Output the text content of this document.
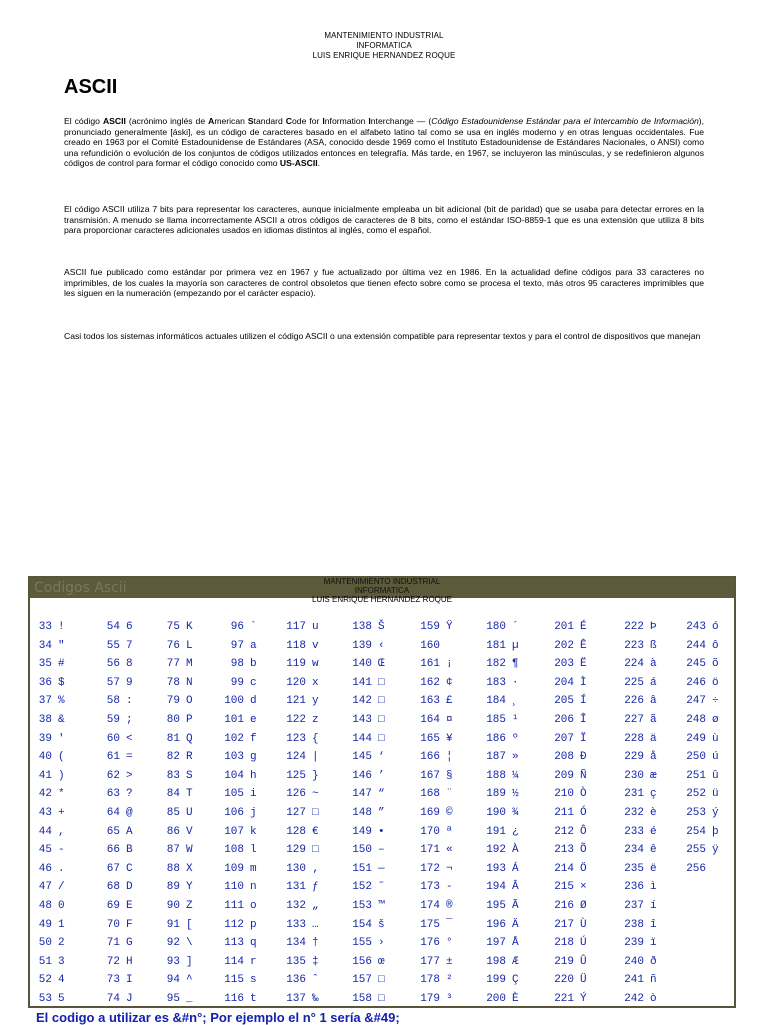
MANTENIMIENTO INDUSTRIAL
INFORMATICA
LUIS ENRIQUE HERNANDEZ ROQUE
ASCII

El código ASCII (acrónimo inglés de American Standard Code for Information Interchange — (Código Estadounidense Estándar para el Intercambio de Información), pronunciado generalmente [áski], es un código de caracteres basado en el alfabeto latino tal como se usa en inglés moderno y en otras lenguas occidentales. Fue creado en 1963 por el Comité Estadounidense de Estándares (ASA, conocido desde 1969 como el Instituto Estadounidense de Estándares Nacionales, o ANSI) como una refundición o evolución de los conjuntos de códigos utilizados entonces en telegrafía. Más tarde, en 1967, se incluyeron las minúsculas, y se redefinieron algunos códigos de control para formar el código conocido como US-ASCII.

El código ASCII utiliza 7 bits para representar los caracteres, aunque inicialmente empleaba un bit adicional (bit de paridad) que se usaba para detectar errores en la transmisión. A menudo se llama incorrectamente ASCII a otros códigos de caracteres de 8 bits, como el estándar ISO-8859-1 que es una extensión que utiliza 8 bits para proporcionar caracteres adicionales usados en idiomas distintos al inglés, como el español.

ASCII fue publicado como estándar por primera vez en 1967 y fue actualizado por última vez en 1986. En la actualidad define códigos para 33 caracteres no imprimibles, de los cuales la mayoría son caracteres de control obsoletos que tienen efecto sobre como se procesa el texto, más otros 95 caracteres imprimibles que les siguen en la numeración (empezando por el carácter espacio).

Casi todos los sistemas informáticos actuales utilizen el código ASCII o una extensión compatible para representar textos y para el control de dispositivos que manejan

Codigos Ascii	MANTENIMIENTO INDUSTRIAL
INFORMATICA
LUIS ENRIQUE HERNANDEZ ROQUE
33 !
34 "
35 #
36 $
37 %
38 &
39 '
40 (
41 )
42 *
43 +
44 ,
45 -
46 .
47 /
48 0
49 1
50 2
51 3
52 4
53 5
54 6
55 7
56 8
57 9
58 :
59 ;
60 <
61 =
62 >
63 ?
64 @
65 A
66 B
67 C
68 D
69 E
70 F
71 G
72 H
73 I
74 J
75 K
76 L
77 M
78 N
79 O
80 P
81 Q
82 R
83 S
84 T
85 U
86 V
87 W
88 X
89 Y
90 Z
91 [
92 \
93 ]
94 ^
95 _
96 `
97 a
98 b
99 c
100 d
101 e
102 f
103 g
104 h
105 i
106 j
107 k
108 l
109 m
110 n
111 o
112 p
113 q
114 r
115 s
116 t
117 u
118 v
119 w
120 x
121 y
122 z
123 {
124 |
125 }
126 ~
127 □
128 €
129 □
130 ‚
131 ƒ
132 „
133 …
134 †
135 ‡
136 ˆ
137 ‰
138 Š
139 ‹
140 Œ
141 □
142 □
143 □
144 □
145 ‘
146 ’
147 “
148 ”
149 •
150 –
151 —
152 ˜
153 ™
154 š
155 ›
156 œ
157 □
158 □
159 Ÿ
160
161 ¡
162 ¢
163 £
164 ¤
165 ¥
166 ¦
167 §
168 ¨
169 ©
170 ª
171 «
172 ¬
173 -
174 ®
175 ¯
176 °
177 ±
178 ²
179 ³
180 ´
181 µ
182 ¶
183 ·
184 ¸
185 ¹
186 º
187 »
188 ¼
189 ½
190 ¾
191 ¿
192 À
193 Á
194 Â
195 Ã
196 Ä
197 Å
198 Æ
199 Ç
200 È
201 É
202 Ê
203 Ë
204 Ì
205 Í
206 Î
207 Ï
208 Ð
209 Ñ
210 Ò
211 Ó
212 Ô
213 Õ
214 Ö
215 ×
216 Ø
217 Ù
218 Ú
219 Û
220 Ü
221 Ý
222 Þ
223 ß
224 à
225 á
226 â
227 ã
228 ä
229 å
230 æ
231 ç
232 è
233 é
234 ê
235 ë
236 ì
237 í
238 î
239 ï
240 ð
241 ñ
242 ò
243 ó
244 ô
245 õ
246 ö
247 ÷
248 ø
249 ù
250 ú
251 û
252 ü
253 ý
254 þ
255 ÿ
256
El codigo a utilizar es &#n°; Por ejemplo el n° 1 sería &#49;
